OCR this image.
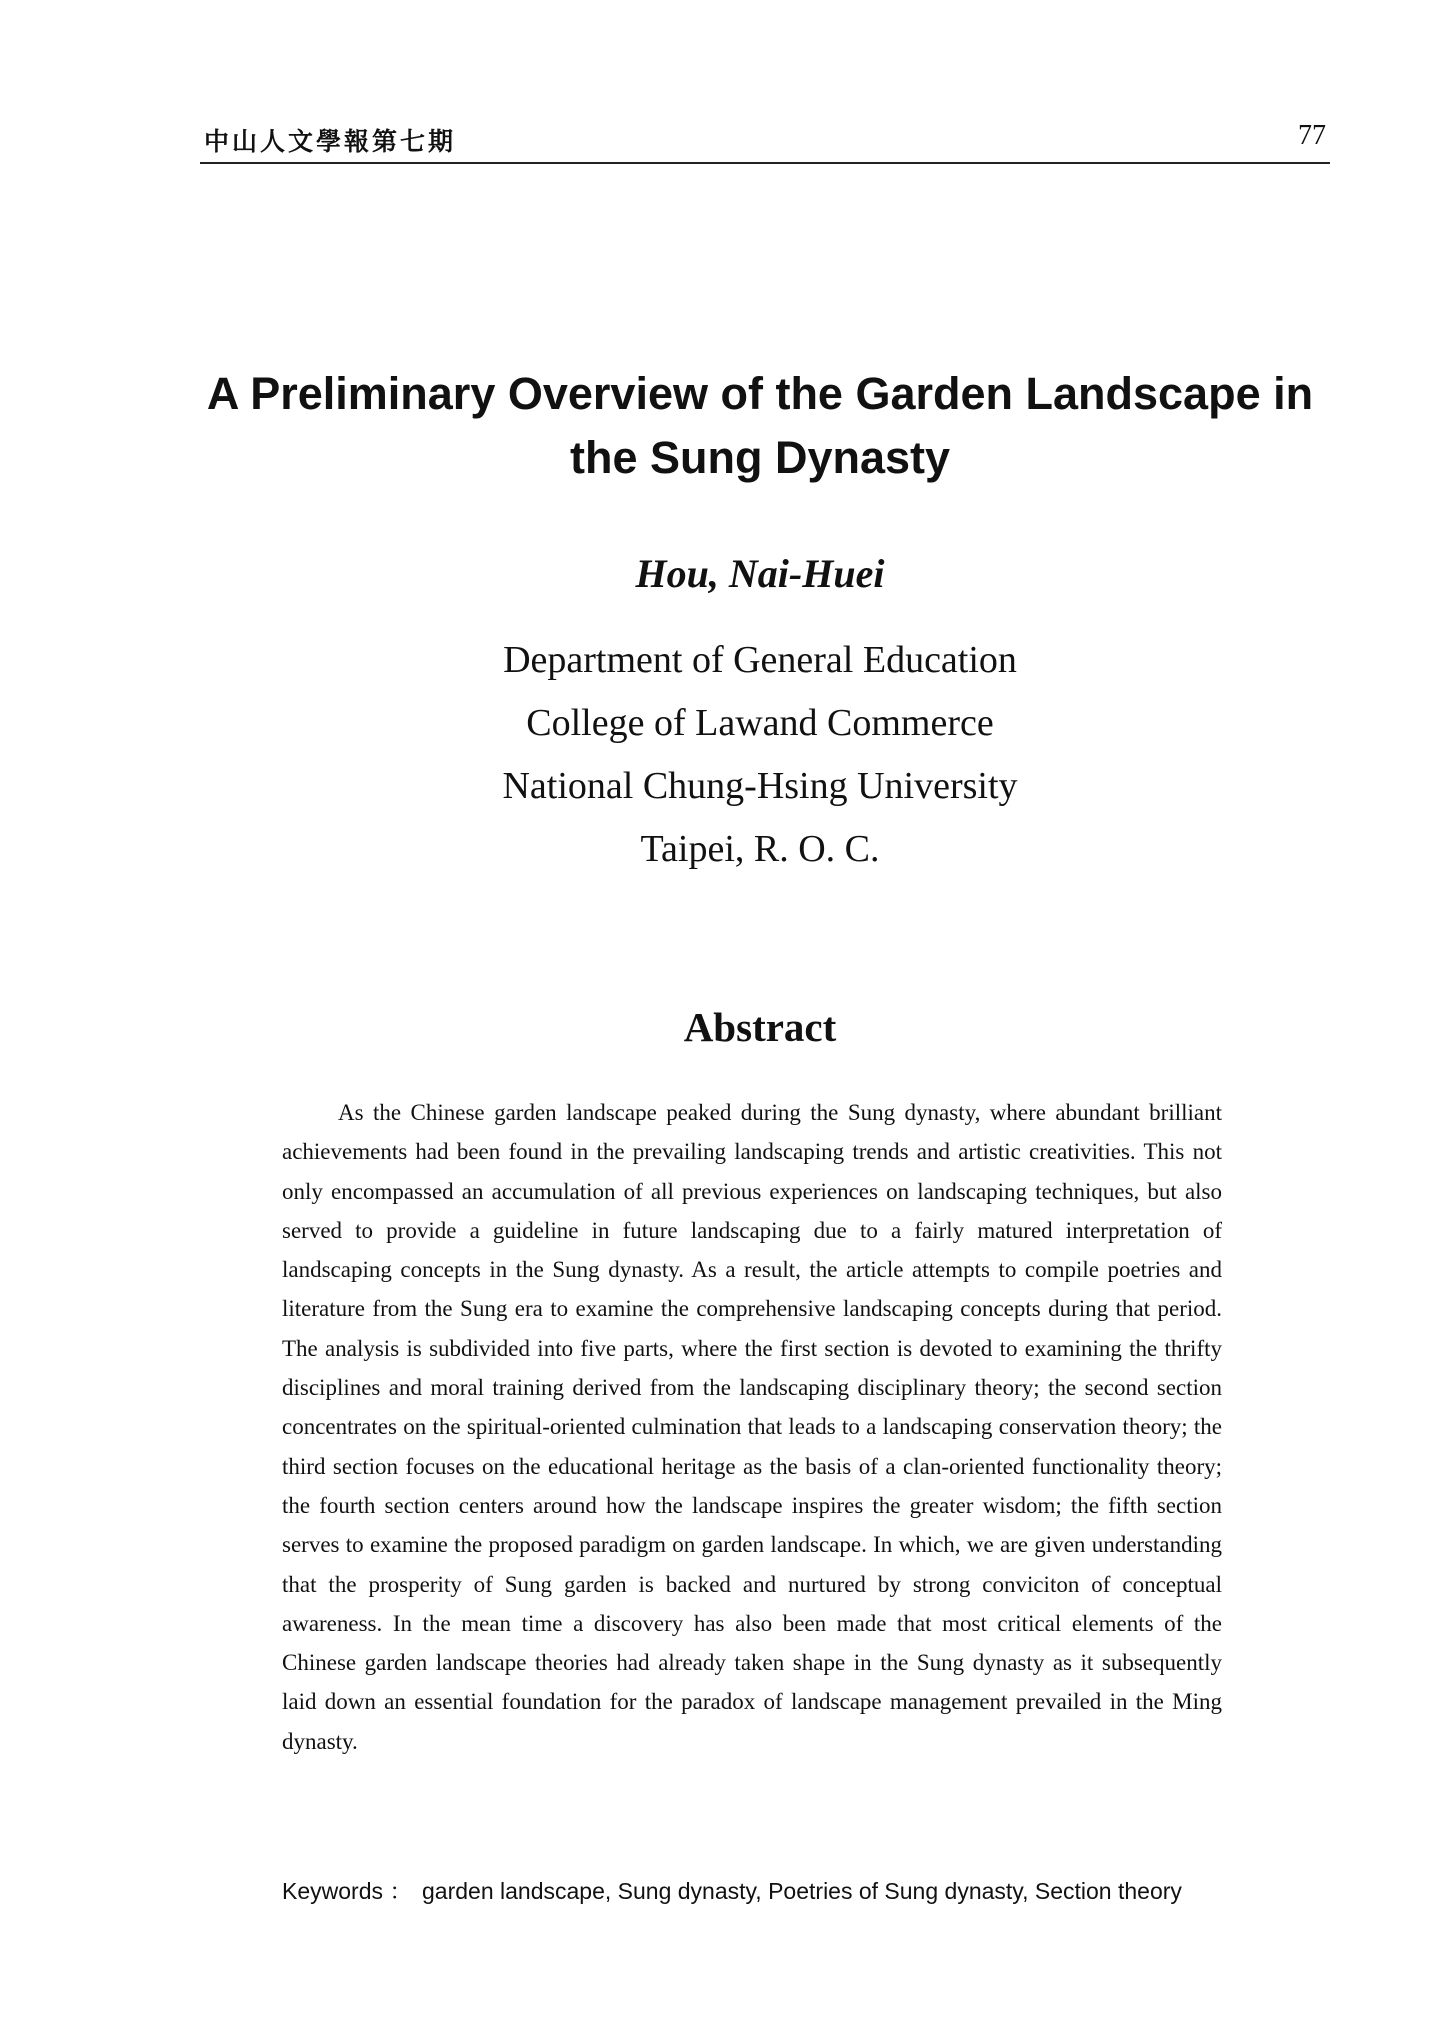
中山人文學報第七期	77
A Preliminary Overview of the Garden Landscape in
the Sung Dynasty
Hou, Nai-Huei
Department of General Education
College of Lawand Commerce
National Chung-Hsing University
Taipei, R. O. C.
Abstract

As the Chinese garden landscape peaked during the Sung dynasty, where abundant brilliant achievements had been found in the prevailing landscaping trends and artistic creativities. This not only encompassed an accumulation of all previous experiences on landscaping techniques, but also served to provide a guideline in future landscaping due to a fairly matured interpretation of landscaping concepts in the Sung dynasty. As a result, the article attempts to compile poetries and literature from the Sung era to examine the comprehensive landscaping concepts during that period. The analysis is subdivided into five parts, where the first section is devoted to examining the thrifty disciplines and moral training derived from the landscaping disciplinary theory; the second section concentrates on the spiritual-oriented culmination that leads to a landscaping conservation theory; the third section focuses on the educational heritage as the basis of a clan-oriented functionality theory; the fourth section centers around how the landscape inspires the greater wisdom; the fifth section serves to examine the proposed paradigm on garden landscape. In which, we are given understanding that the prosperity of Sung garden is backed and nurtured by strong conviciton of conceptual awareness. In the mean time a discovery has also been made that most critical elements of the Chinese garden landscape theories had already taken shape in the Sung dynasty as it subsequently laid down an essential foundation for the paradox of landscape management prevailed in the Ming dynasty.

Keywords ： garden landscape, Sung dynasty, Poetries of Sung dynasty, Section theory
